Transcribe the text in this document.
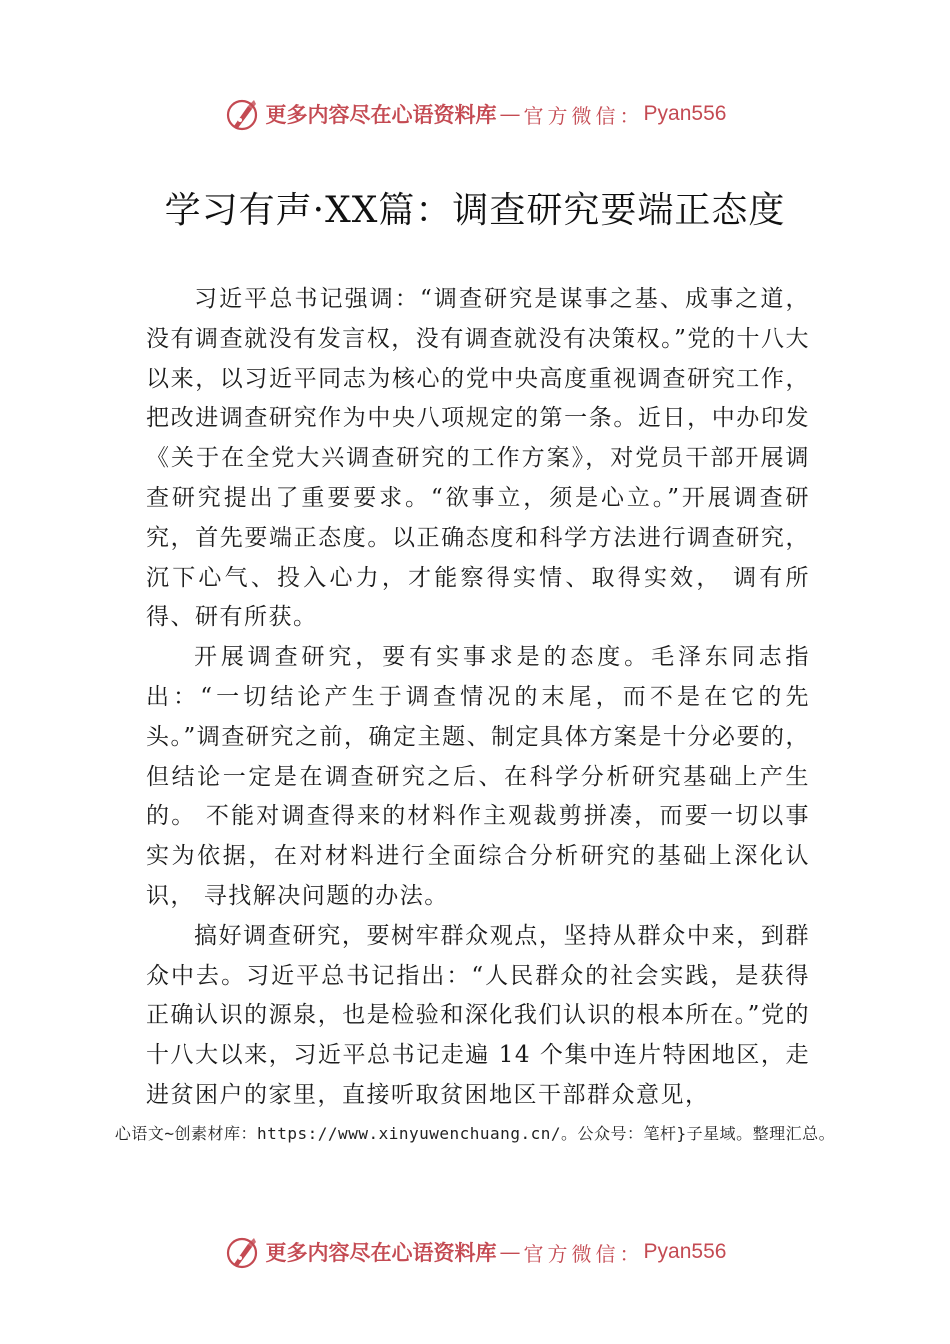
更多内容尽在心语资料库 — 官方微信： Pyan556
学习有声·XX篇：调查研究要端正态度

习近平总书记强调：“调查研究是谋事之基、成事之道，没有调查就没有发言权，没有调查就没有决策权。”党的十八大以来，以习近平同志为核心的党中央高度重视调查研究工作，把改进调查研究作为中央八项规定的第一条。近日，中办印发《关于在全党大兴调查研究的工作方案》，对党员干部开展调查研究提出了重要要求。“欲事立，须是心立。”开展调查研究，首先要端正态度。以正确态度和科学方法进行调查研究，沉下心气、投入心力，才能察得实情、取得实效， 调有所得、研有所获。

开展调查研究，要有实事求是的态度。毛泽东同志指出：“一切结论产生于调查情况的末尾，而不是在它的先头。”调查研究之前，确定主题、制定具体方案是十分必要的，但结论一定是在调查研究之后、在科学分析研究基础上产生的。 不能对调查得来的材料作主观裁剪拼凑，而要一切以事实为依据，在对材料进行全面综合分析研究的基础上深化认识， 寻找解决问题的办法。

搞好调查研究，要树牢群众观点，坚持从群众中来，到群众中去。习近平总书记指出：“人民群众的社会实践，是获得正确认识的源泉，也是检验和深化我们认识的根本所在。”党的十八大以来，习近平总书记走遍 14 个集中连片特困地区，走进贫困户的家里，直接听取贫困地区干部群众意见，

心语文~创素材库：https://www.xinyuwenchuang.cn/。公众号：笔杆}子星域。整理汇总。
更多内容尽在心语资料库 — 官方微信： Pyan556
